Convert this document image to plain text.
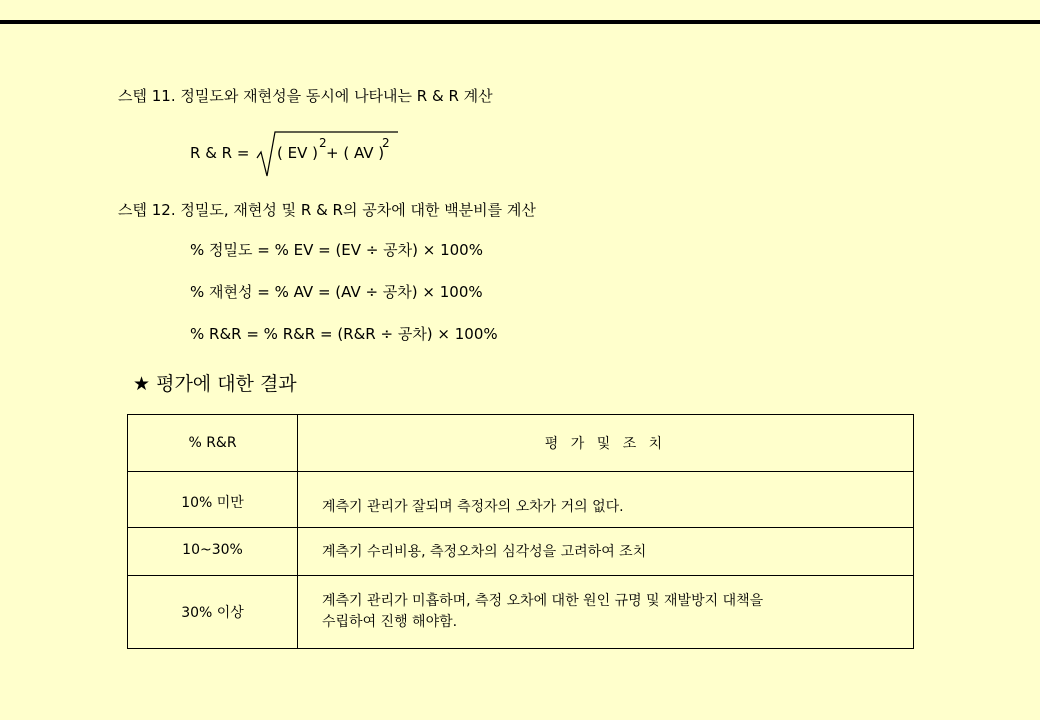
스텝 11. 정밀도와 재현성을 동시에 나타내는 R & R 계산
R & R = ( EV )
2
+ ( AV )
2
스텝 12. 정밀도, 재현성 및 R & R의 공차에 대한 백분비를 계산
% 정밀도 = % EV = (EV ÷ 공차) × 100%
% 재현성 = % AV = (AV ÷ 공차) × 100%
% R&R = % R&R = (R&R ÷ 공차) × 100%
★ 평가에 대한 결과
% R&R	평 가 및 조 치
10% 미만	계측기 관리가 잘되며 측정자의 오차가 거의 없다.
10~30%	계측기 수리비용, 측정오차의 심각성을 고려하여 조치
30% 이상	계측기 관리가 미흡하며, 측정 오차에 대한 원인 규명 및 재발방지 대책을
수립하여 진행 해야함.
